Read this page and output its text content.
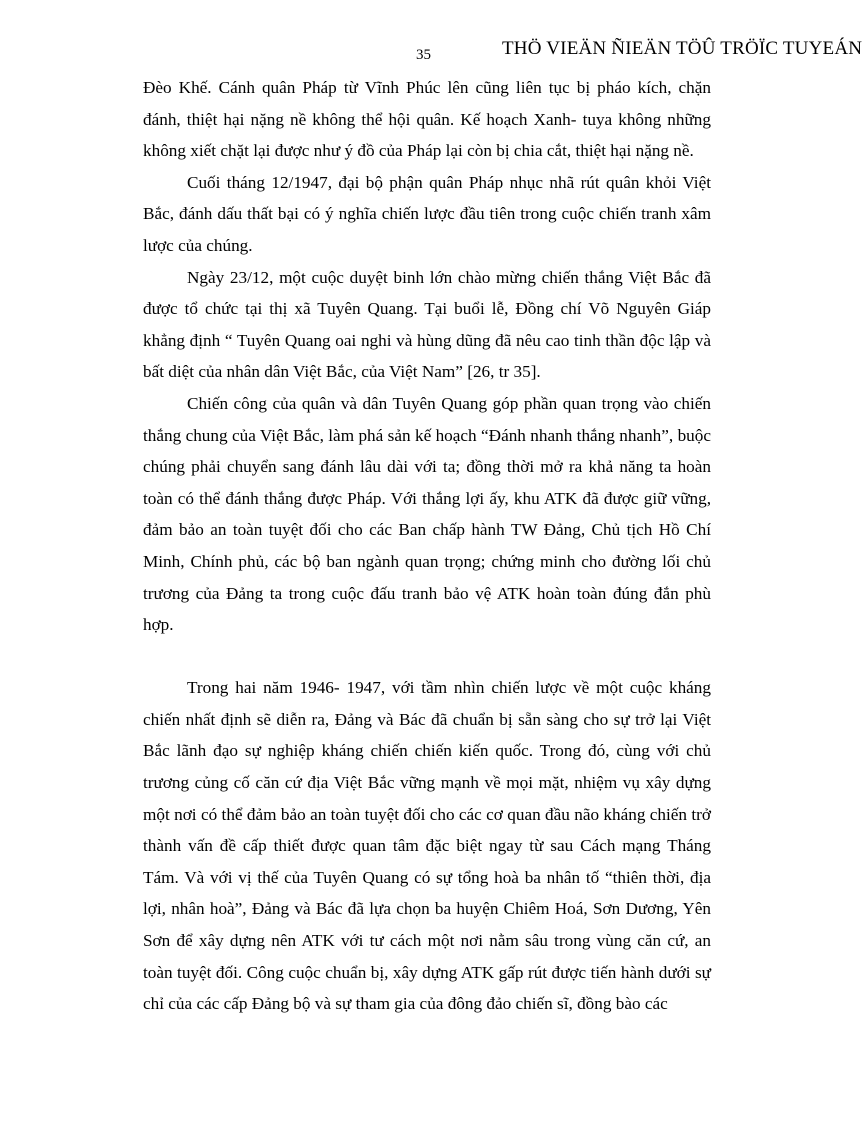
35	THÖ VIEÄN ÑIEÄN TÖÛ TRÖÏC TUYEÁN

Đèo Khế. Cánh quân Pháp từ Vĩnh Phúc lên cũng liên tục bị pháo kích, chặn đánh, thiệt hại nặng nề không thể hội quân. Kế hoạch Xanh- tuya không những không xiết chặt lại được như ý đồ của Pháp lại còn bị chia cắt, thiệt hại nặng nề.

Cuối tháng 12/1947, đại bộ phận quân Pháp nhục nhã rút quân khỏi Việt Bắc, đánh dấu thất bại có ý nghĩa chiến lược đầu tiên trong cuộc chiến tranh xâm lược của chúng.

Ngày 23/12, một cuộc duyệt binh lớn chào mừng chiến thắng Việt Bắc đã được tổ chức tại thị xã Tuyên Quang. Tại buổi lễ, Đồng chí Võ Nguyên Giáp khẳng định “ Tuyên Quang oai nghi và hùng dũng đã nêu cao tinh thần độc lập và bất diệt của nhân dân Việt Bắc, của Việt Nam” [26, tr 35].

Chiến công của quân và dân Tuyên Quang góp phần quan trọng vào chiến thắng chung của Việt Bắc, làm phá sản kế hoạch “Đánh nhanh thắng nhanh”, buộc chúng phải chuyển sang đánh lâu dài với ta; đồng thời mở ra khả năng ta hoàn toàn có thể đánh thắng được Pháp. Với thắng lợi ấy, khu ATK đã được giữ vững, đảm bảo an toàn tuyệt đối cho các Ban chấp hành TW Đảng, Chủ tịch Hồ Chí Minh, Chính phủ, các bộ ban ngành quan trọng; chứng minh cho đường lối chủ trương của Đảng ta trong cuộc đấu tranh bảo vệ ATK hoàn toàn đúng đắn phù hợp.

Trong hai năm 1946- 1947, với tầm nhìn chiến lược về một cuộc kháng chiến nhất định sẽ diễn ra, Đảng và Bác đã chuẩn bị sẵn sàng cho sự trở lại Việt Bắc lãnh đạo sự nghiệp kháng chiến chiến kiến quốc. Trong đó, cùng với chủ trương củng cố căn cứ địa Việt Bắc vững mạnh về mọi mặt, nhiệm vụ xây dựng một nơi có thể đảm bảo an toàn tuyệt đối cho các cơ quan đầu não kháng chiến trở thành vấn đề cấp thiết được quan tâm đặc biệt ngay từ sau Cách mạng Tháng Tám. Và với vị thế của Tuyên Quang có sự tổng hoà ba nhân tố “thiên thời, địa lợi, nhân hoà”, Đảng và Bác đã lựa chọn ba huyện Chiêm Hoá, Sơn Dương, Yên Sơn để xây dựng nên ATK với tư cách một nơi nằm sâu trong vùng căn cứ, an toàn tuyệt đối. Công cuộc chuẩn bị, xây dựng ATK gấp rút được tiến hành dưới sự chỉ của các cấp Đảng bộ và sự tham gia của đông đảo chiến sĩ, đồng bào các
